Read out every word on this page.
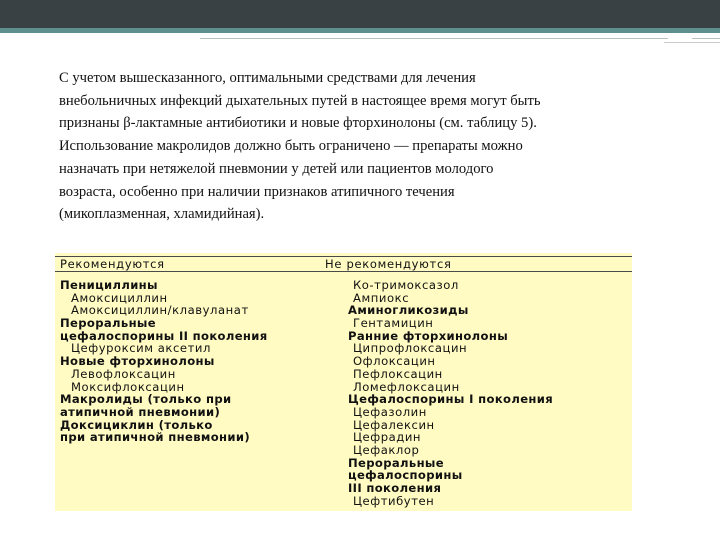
С учетом вышесказанного, оптимальными средствами для лечения
внебольничных инфекций дыхательных путей в настоящее время могут быть
признаны β-лактамные антибиотики и новые фторхинолоны (см. таблицу 5).
Использование макролидов должно быть ограничено — препараты можно
назначать при нетяжелой пневмонии у детей или пациентов молодого
возраста, особенно при наличии признаков атипичного течения
(микоплазменная, хламидийная).
Рекомендуются	Не рекомендуются
Пенициллины
Амоксициллин
Амоксициллин/клавуланат
Пероральные
цефалоспорины II поколения
Цефуроксим аксетил
Новые фторхинолоны
Левофлоксацин
Моксифлоксацин
Макролиды (только при
атипичной пневмонии)
Доксициклин (только
при атипичной пневмонии)
Ко-тримоксазол
Ампиокс
Аминогликозиды
Гентамицин
Ранние фторхинолоны
Ципрофлоксацин
Офлоксацин
Пефлоксацин
Ломефлоксацин
Цефалоспорины I поколения
Цефазолин
Цефалексин
Цефрадин
Цефаклор
Пероральные
цефалоспорины
III поколения
Цефтибутен
